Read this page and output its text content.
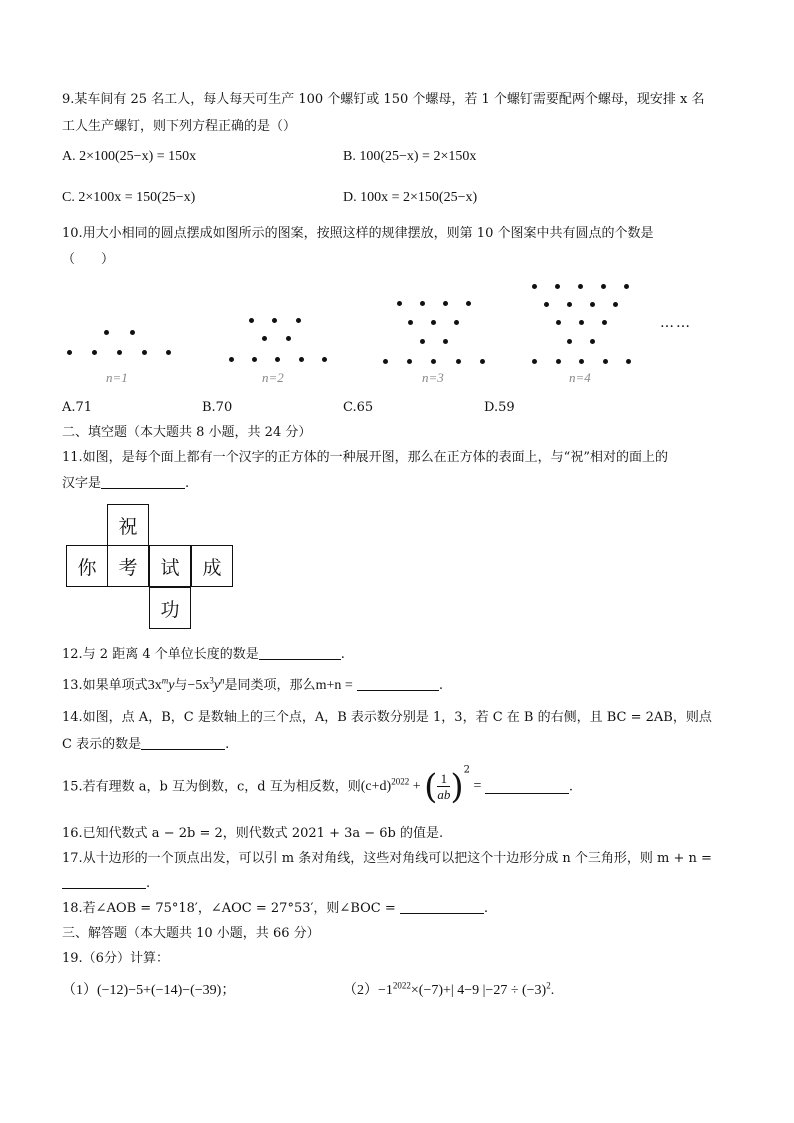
9.某车间有 25 名工人，每人每天可生产 100 个螺钉或 150 个螺母，若 1 个螺钉需要配两个螺母，现安排 x 名
工人生产螺钉，则下列方程正确的是（）
A. 2×100(25−x) = 150x	B. 100(25−x) = 2×150x
C. 2×100x = 150(25−x)	D. 100x = 2×150(25−x)
10.用大小相同的圆点摆成如图所示的图案，按照这样的规律摆放，则第 10 个图案中共有圆点的个数是
（　　）
……
n=1	n=2	n=3	n=4
A.71	B.70	C.65	D.59
二、填空题（本大题共 8 小题，共 24 分）
11.如图，是每个面上都有一个汉字的正方体的一种展开图，那么在正方体的表面上，与“祝”相对的面上的
汉字是	.
祝
你	考	试	成
功
12.与 2 距离 4 个单位长度的数是	.
13.如果单项式$3x^my$与$-5x^3y^n$是同类项，那么m+n =	.
14.如图，点 A，B，C 是数轴上的三个点，A，B 表示数分别是 1，3，若 C 在 B 的右侧，且 BC = 2AB，则点
C 表示的数是	.
15.若有理数 a，b 互为倒数，c，d 互为相反数，则$(c+d)^{2022}$ + ( $\frac{1}{ab} )^2$ =	.
16.已知代数式 a − 2b = 2，则代数式 2021 + 3a − 6b 的值是.
17.从十边形的一个顶点出发，可以引 m 条对角线，这些对角线可以把这个十边形分成 n 个三角形，则 m + n =
.
18.若∠AOB = 75°18′，∠AOC = 27°53′，则∠BOC =	.
三、解答题（本大题共 10 小题，共 66 分）
19.（6分）计算：
（1）(−12)−5+(−14)−(−39)；	$(2)-1^{2022}\times(-7)+|$ 4−9 $|-27 \div (-3)^2$.
